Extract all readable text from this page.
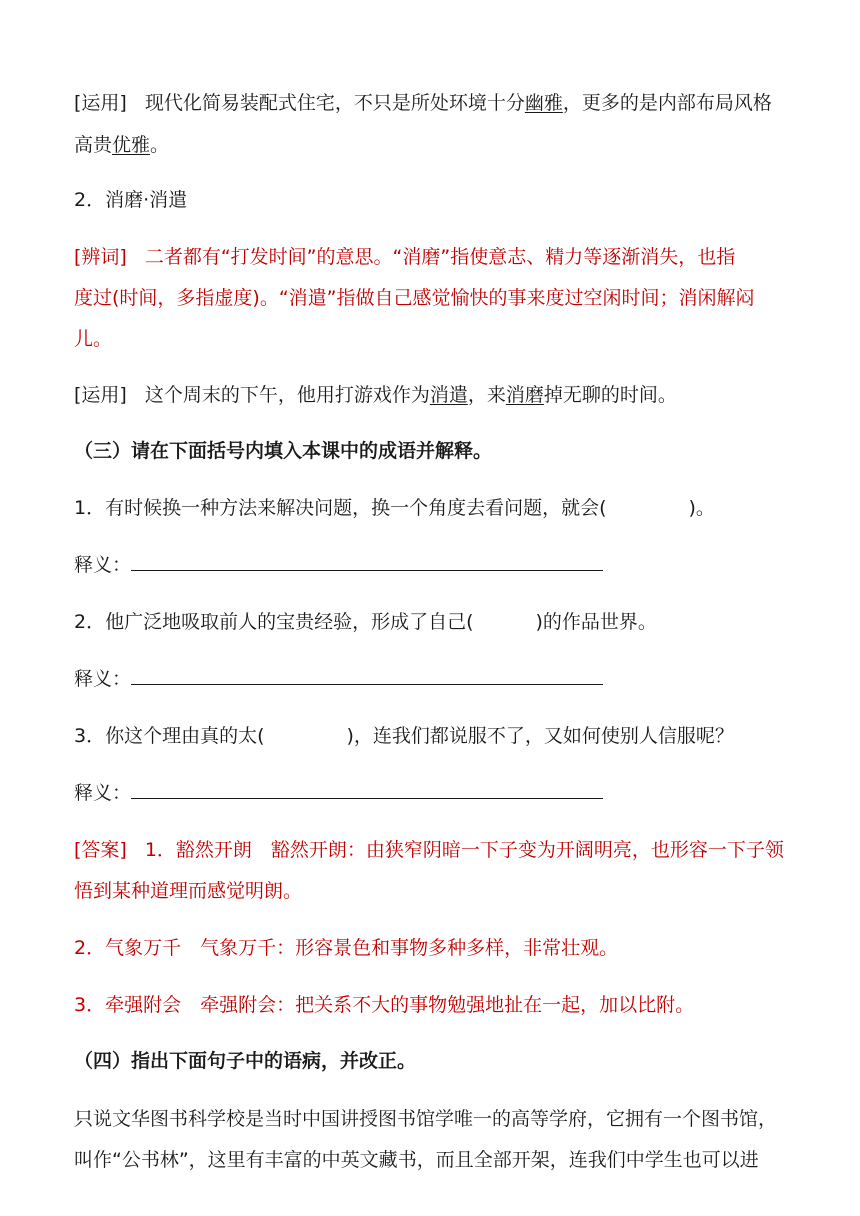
[运用] 现代化简易装配式住宅，不只是所处环境十分幽雅，更多的是内部布局风格
高贵优雅。
2．消磨·消遣
[辨词] 二者都有“打发时间”的意思。“消磨”指使意志、精力等逐渐消失，也指
度过(时间，多指虚度)。“消遣”指做自己感觉愉快的事来度过空闲时间；消闲解闷
儿。
[运用] 这个周末的下午，他用打游戏作为消遣，来消磨掉无聊的时间。
（三）请在下面括号内填入本课中的成语并解释。
1．有时候换一种方法来解决问题，换一个角度去看问题，就会(	)。
释义：
2．他广泛地吸取前人的宝贵经验，形成了自己(	)的作品世界。
释义：
3．你这个理由真的太(	)，连我们都说服不了，又如何使别人信服呢？
释义：
[答案] 1．豁然开朗　豁然开朗：由狭窄阴暗一下子变为开阔明亮，也形容一下子领
悟到某种道理而感觉明朗。
2．气象万千　气象万千：形容景色和事物多种多样，非常壮观。
3．牵强附会　牵强附会：把关系不大的事物勉强地扯在一起，加以比附。
（四）指出下面句子中的语病，并改正。
只说文华图书科学校是当时中国讲授图书馆学唯一的高等学府，它拥有一个图书馆，
叫作“公书林”，这里有丰富的中英文藏书，而且全部开架，连我们中学生也可以进
